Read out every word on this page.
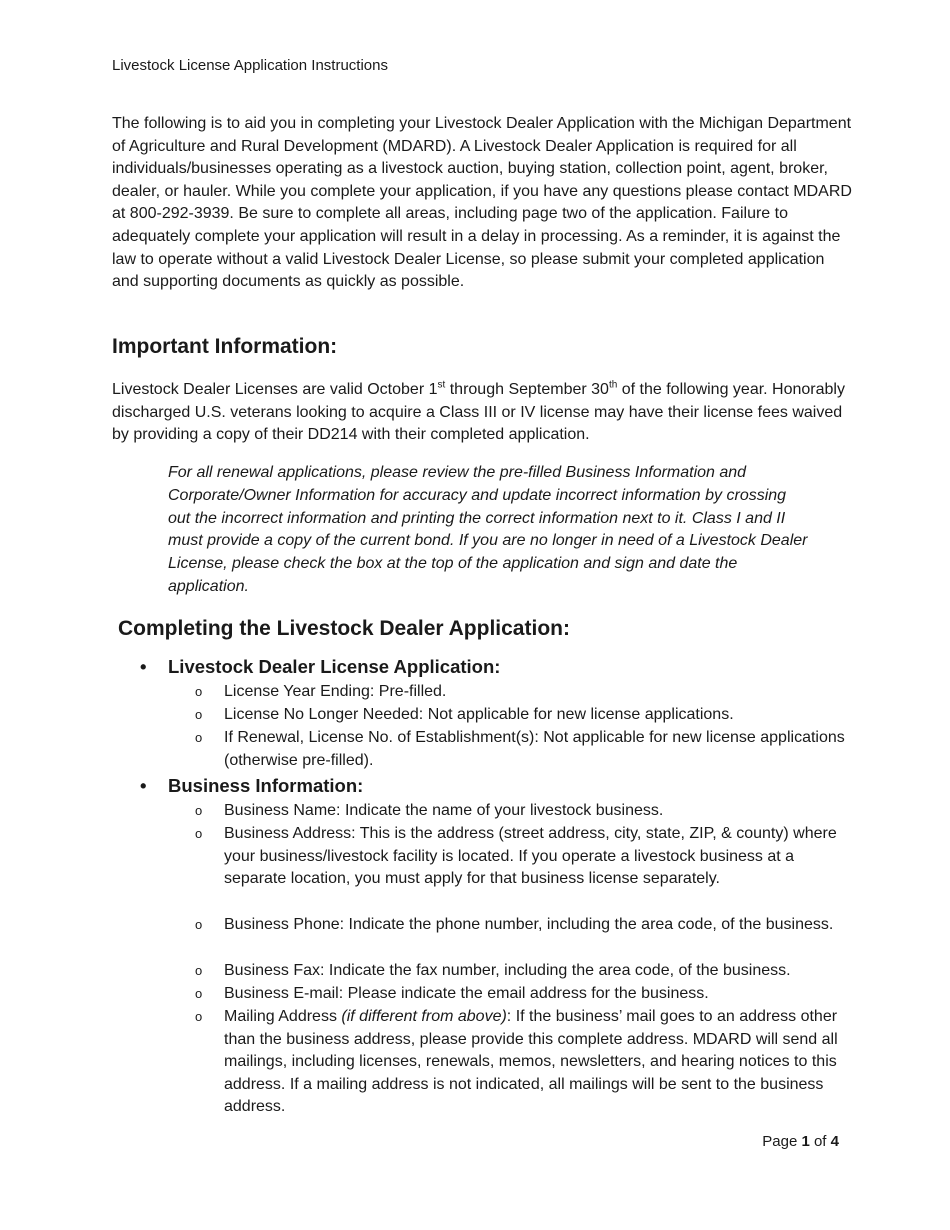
Livestock License Application Instructions

The following is to aid you in completing your Livestock Dealer Application with the Michigan Department of Agriculture and Rural Development (MDARD). A Livestock Dealer Application is required for all individuals/businesses operating as a livestock auction, buying station, collection point, agent, broker, dealer, or hauler. While you complete your application, if you have any questions please contact MDARD at 800-292-3939. Be sure to complete all areas, including page two of the application. Failure to adequately complete your application will result in a delay in processing. As a reminder, it is against the law to operate without a valid Livestock Dealer License, so please submit your completed application and supporting documents as quickly as possible.

Important Information:

Livestock Dealer Licenses are valid October 1st through September 30th of the following year. Honorably discharged U.S. veterans looking to acquire a Class III or IV license may have their license fees waived by providing a copy of their DD214 with their completed application.

For all renewal applications, please review the pre-filled Business Information and Corporate/Owner Information for accuracy and update incorrect information by crossing out the incorrect information and printing the correct information next to it. Class I and II must provide a copy of the current bond. If you are no longer in need of a Livestock Dealer License, please check the box at the top of the application and sign and date the application.

Completing the Livestock Dealer Application:
• Livestock Dealer License Application:
o License Year Ending: Pre-filled.
o License No Longer Needed: Not applicable for new license applications.
o If Renewal, License No. of Establishment(s): Not applicable for new license applications (otherwise pre-filled).
• Business Information:
o Business Name: Indicate the name of your livestock business.
o Business Address: This is the address (street address, city, state, ZIP, & county) where your business/livestock facility is located. If you operate a livestock business at a separate location, you must apply for that business license separately.
o Business Phone: Indicate the phone number, including the area code, of the business.
o Business Fax: Indicate the fax number, including the area code, of the business.
o Business E-mail: Please indicate the email address for the business.
o Mailing Address (if different from above): If the business’ mail goes to an address other than the business address, please provide this complete address. MDARD will send all mailings, including licenses, renewals, memos, newsletters, and hearing notices to this address. If a mailing address is not indicated, all mailings will be sent to the business address.
Page 1 of 4
